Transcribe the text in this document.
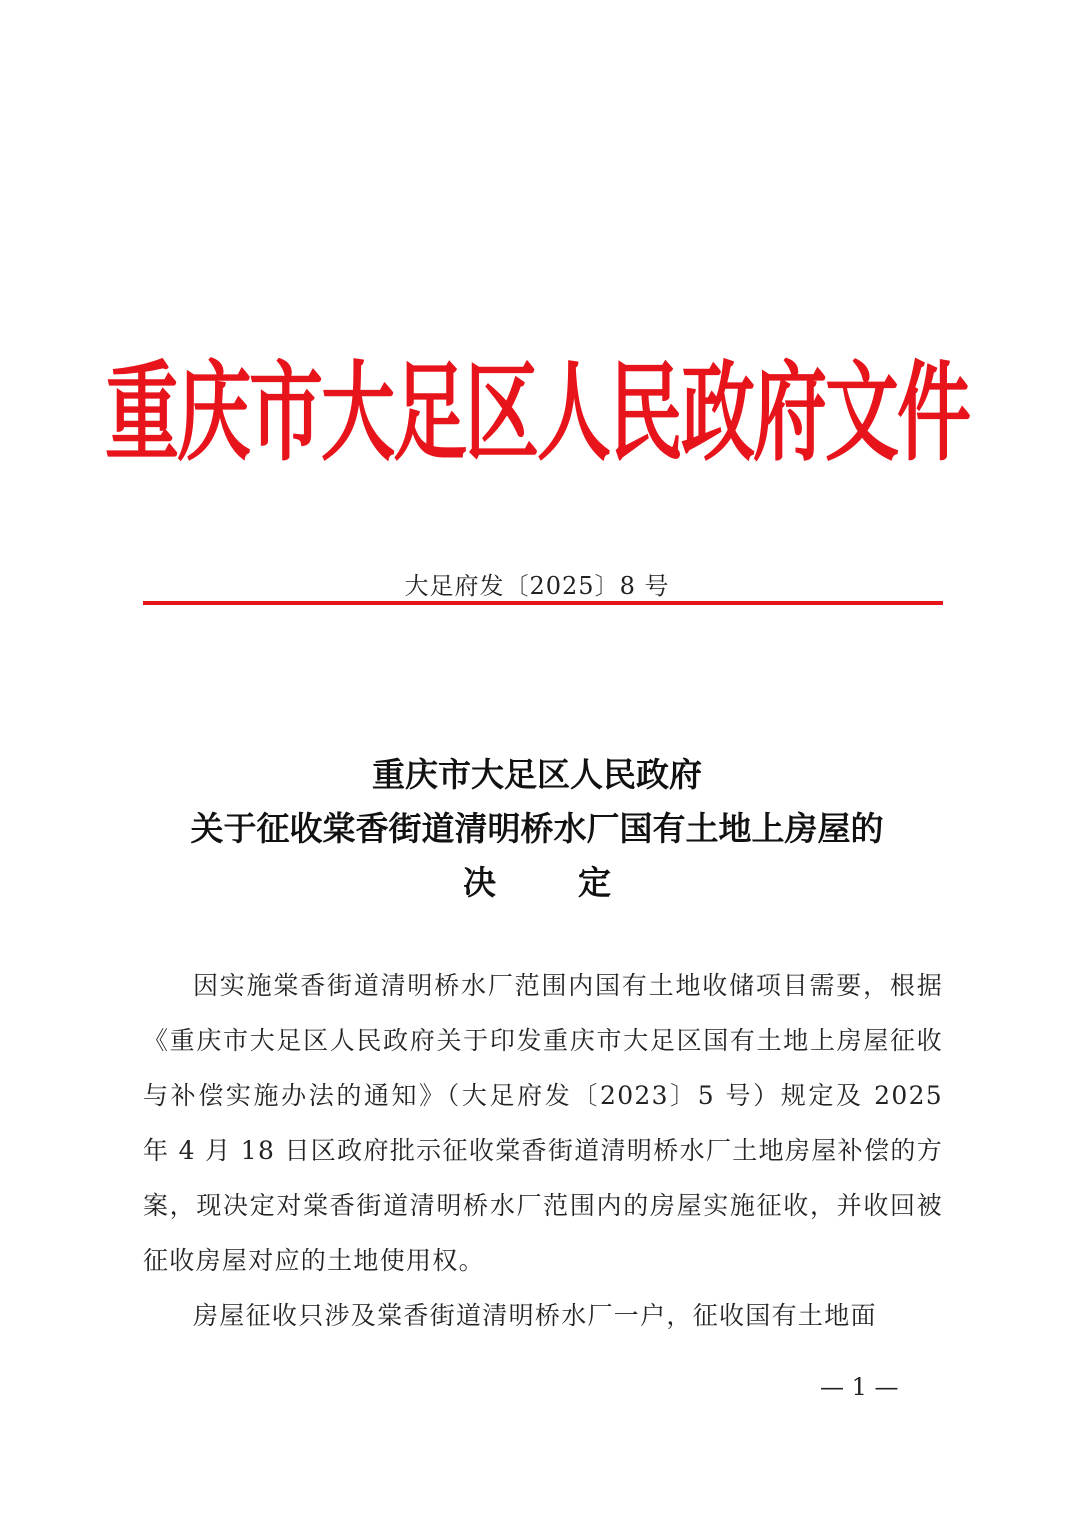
重庆市大足区人民政府文件
大足府发〔2025〕8 号
重庆市大足区人民政府
关于征收棠香街道清明桥水厂国有土地上房屋的
决定

因实施棠香街道清明桥水厂范围内国有土地收储项目需要，根据《重庆市大足区人民政府关于印发重庆市大足区国有土地上房屋征收与补偿实施办法的通知》（大足府发〔2023〕5 号）规定及 2025 年 4 月 18 日区政府批示征收棠香街道清明桥水厂土地房屋补偿的方案，现决定对棠香街道清明桥水厂范围内的房屋实施征收，并收回被征收房屋对应的土地使用权。

房屋征收只涉及棠香街道清明桥水厂一户，征收国有土地面

— 1 —
